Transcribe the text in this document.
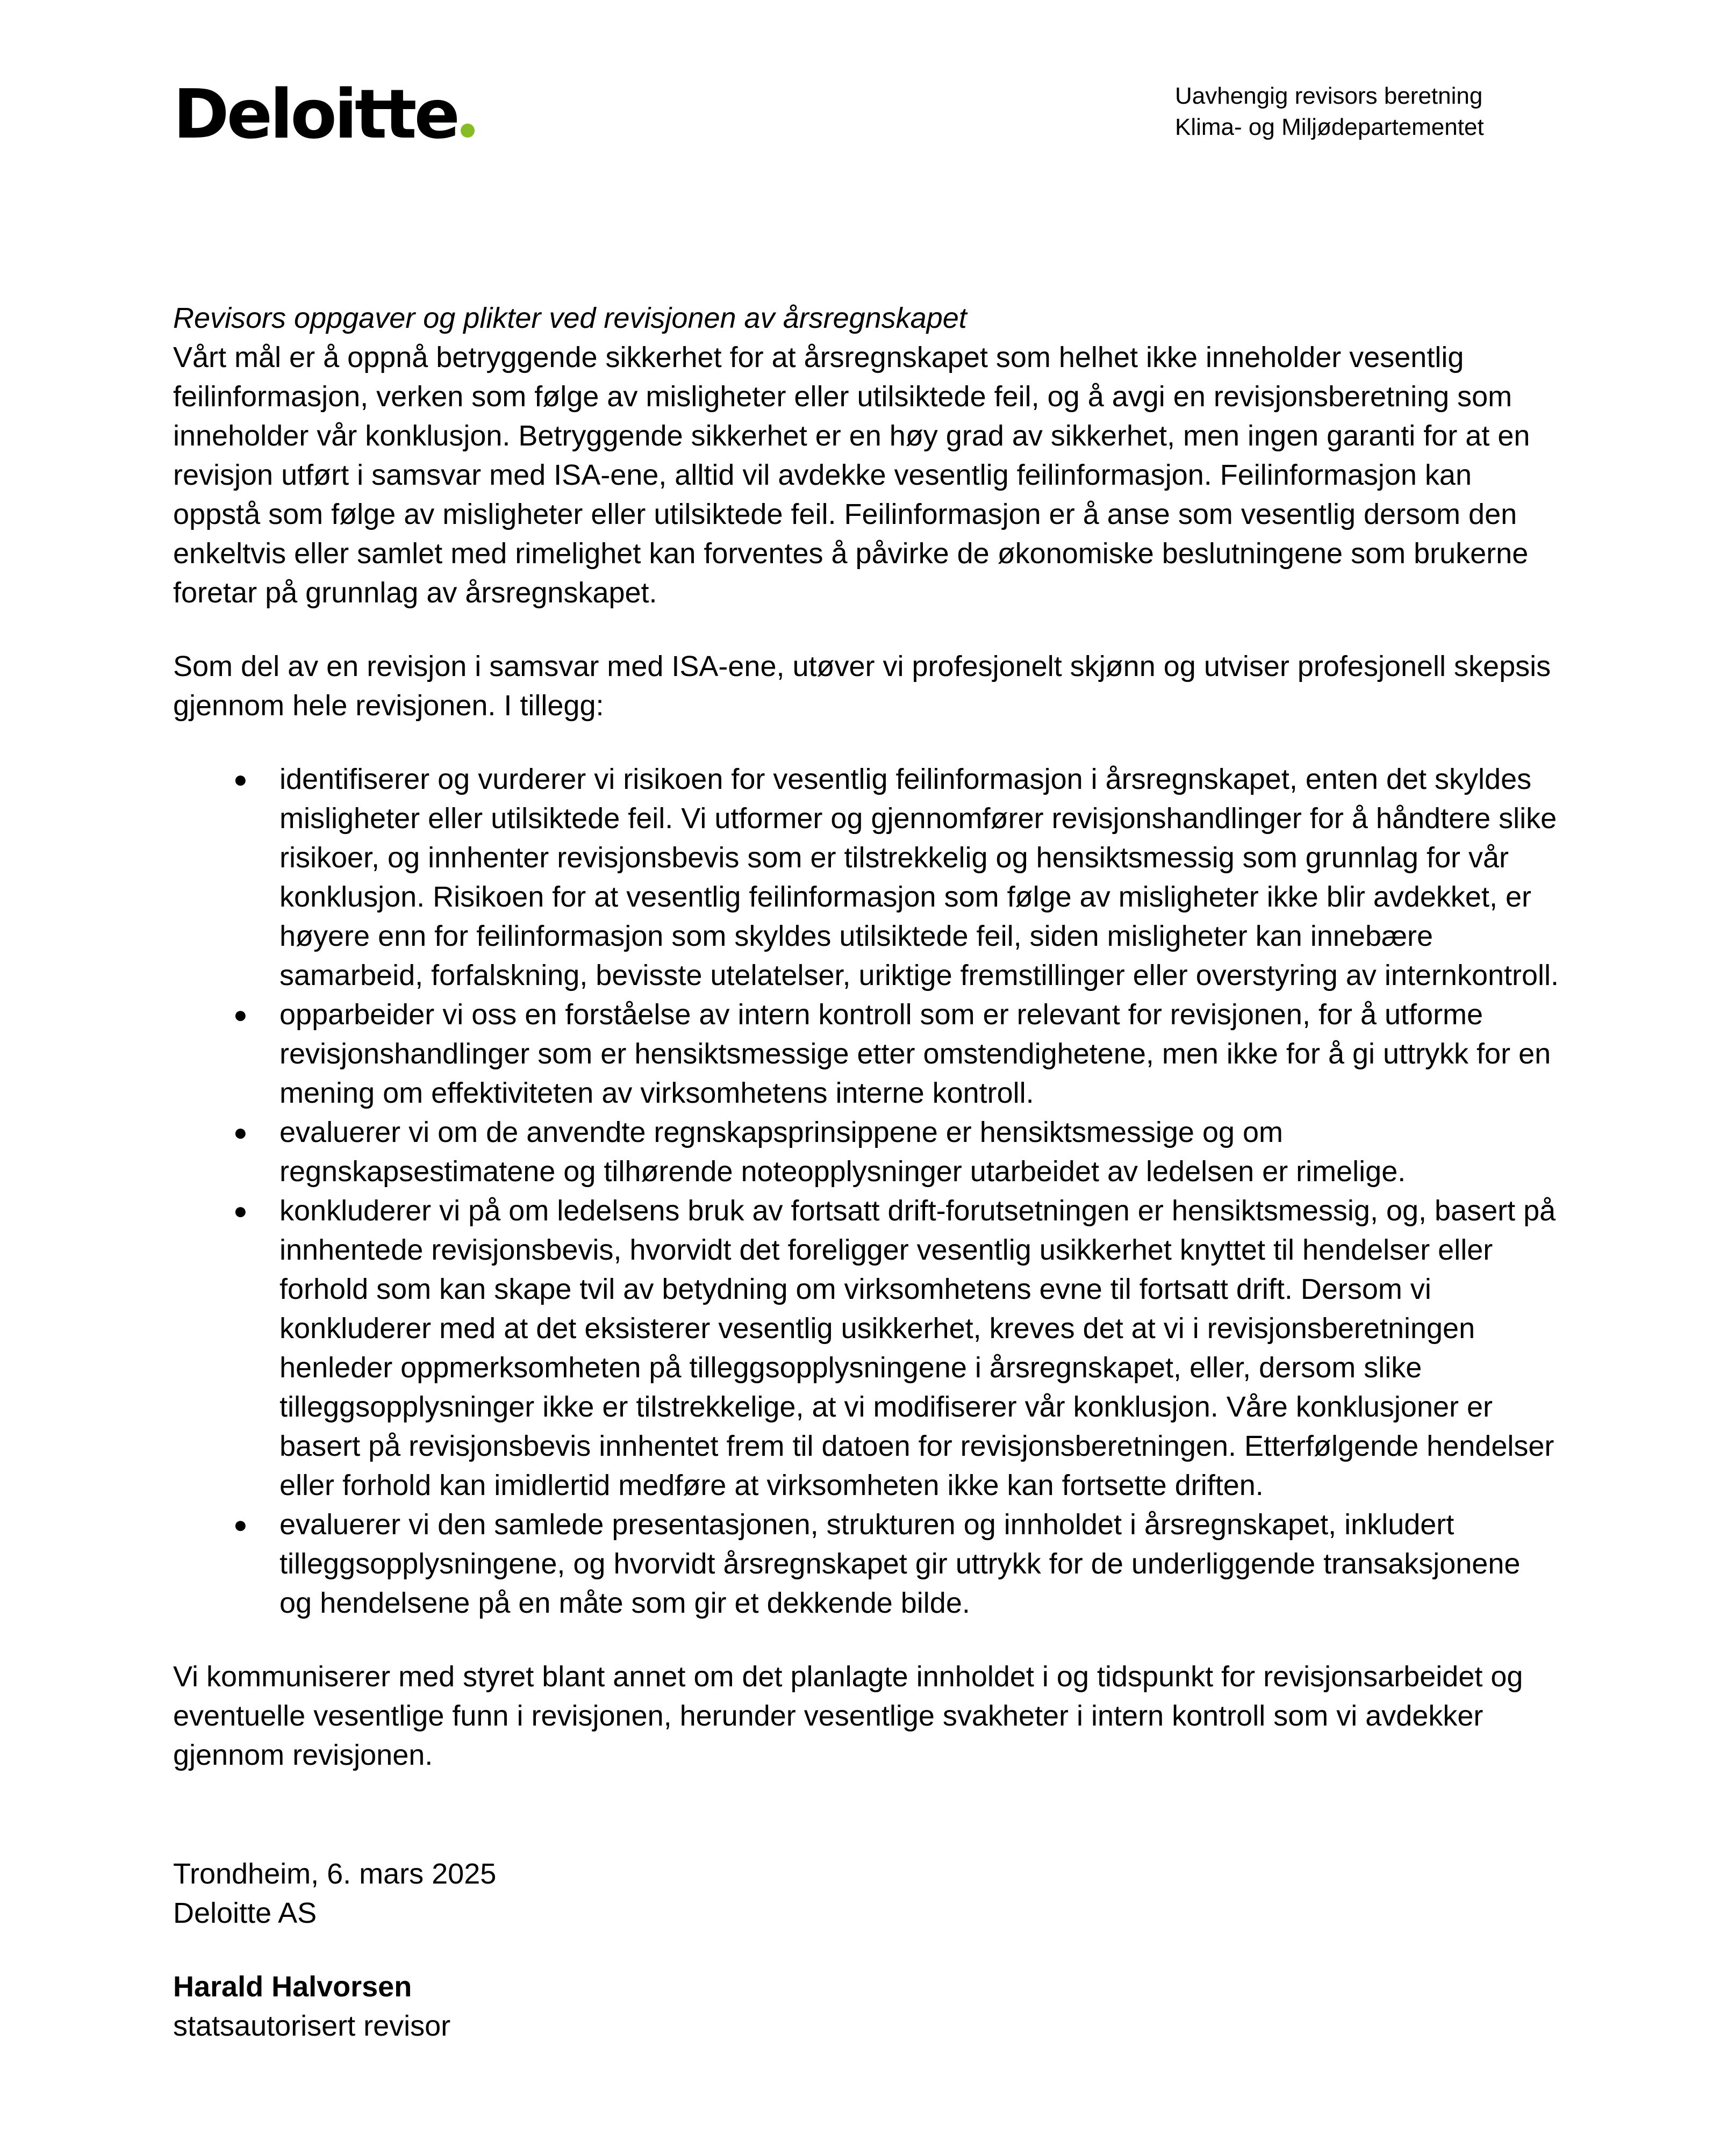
Deloitte	Uavhengig revisors beretning
Klima- og Miljødepartementet

Revisors oppgaver og plikter ved revisjonen av årsregnskapet

Vårt mål er å oppnå betryggende sikkerhet for at årsregnskapet som helhet ikke inneholder vesentlig feilinformasjon, verken som følge av misligheter eller utilsiktede feil, og å avgi en revisjonsberetning som inneholder vår konklusjon. Betryggende sikkerhet er en høy grad av sikkerhet, men ingen garanti for at en revisjon utført i samsvar med ISA-ene, alltid vil avdekke vesentlig feilinformasjon. Feilinformasjon kan oppstå som følge av misligheter eller utilsiktede feil. Feilinformasjon er å anse som vesentlig dersom den enkeltvis eller samlet med rimelighet kan forventes å påvirke de økonomiske beslutningene som brukerne foretar på grunnlag av årsregnskapet.

Som del av en revisjon i samsvar med ISA-ene, utøver vi profesjonelt skjønn og utviser profesjonell skepsis gjennom hele revisjonen. I tillegg:

● identifiserer og vurderer vi risikoen for vesentlig feilinformasjon i årsregnskapet, enten det skyldes misligheter eller utilsiktede feil. Vi utformer og gjennomfører revisjonshandlinger for å håndtere slike risikoer, og innhenter revisjonsbevis som er tilstrekkelig og hensiktsmessig som grunnlag for vår konklusjon. Risikoen for at vesentlig feilinformasjon som følge av misligheter ikke blir avdekket, er høyere enn for feilinformasjon som skyldes utilsiktede feil, siden misligheter kan innebære samarbeid, forfalskning, bevisste utelatelser, uriktige fremstillinger eller overstyring av internkontroll.
● opparbeider vi oss en forståelse av intern kontroll som er relevant for revisjonen, for å utforme revisjonshandlinger som er hensiktsmessige etter omstendighetene, men ikke for å gi uttrykk for en mening om effektiviteten av virksomhetens interne kontroll.
● evaluerer vi om de anvendte regnskapsprinsippene er hensiktsmessige og om regnskapsestimatene og tilhørende noteopplysninger utarbeidet av ledelsen er rimelige.
● konkluderer vi på om ledelsens bruk av fortsatt drift-forutsetningen er hensiktsmessig, og, basert på innhentede revisjonsbevis, hvorvidt det foreligger vesentlig usikkerhet knyttet til hendelser eller forhold som kan skape tvil av betydning om virksomhetens evne til fortsatt drift. Dersom vi konkluderer med at det eksisterer vesentlig usikkerhet, kreves det at vi i revisjonsberetningen henleder oppmerksomheten på tilleggsopplysningene i årsregnskapet, eller, dersom slike tilleggsopplysninger ikke er tilstrekkelige, at vi modifiserer vår konklusjon. Våre konklusjoner er basert på revisjonsbevis innhentet frem til datoen for revisjonsberetningen. Etterfølgende hendelser eller forhold kan imidlertid medføre at virksomheten ikke kan fortsette driften.
● evaluerer vi den samlede presentasjonen, strukturen og innholdet i årsregnskapet, inkludert tilleggsopplysningene, og hvorvidt årsregnskapet gir uttrykk for de underliggende transaksjonene og hendelsene på en måte som gir et dekkende bilde.

Vi kommuniserer med styret blant annet om det planlagte innholdet i og tidspunkt for revisjonsarbeidet og eventuelle vesentlige funn i revisjonen, herunder vesentlige svakheter i intern kontroll som vi avdekker gjennom revisjonen.

Trondheim, 6. mars 2025
Deloitte AS
Harald Halvorsen
statsautorisert revisor
